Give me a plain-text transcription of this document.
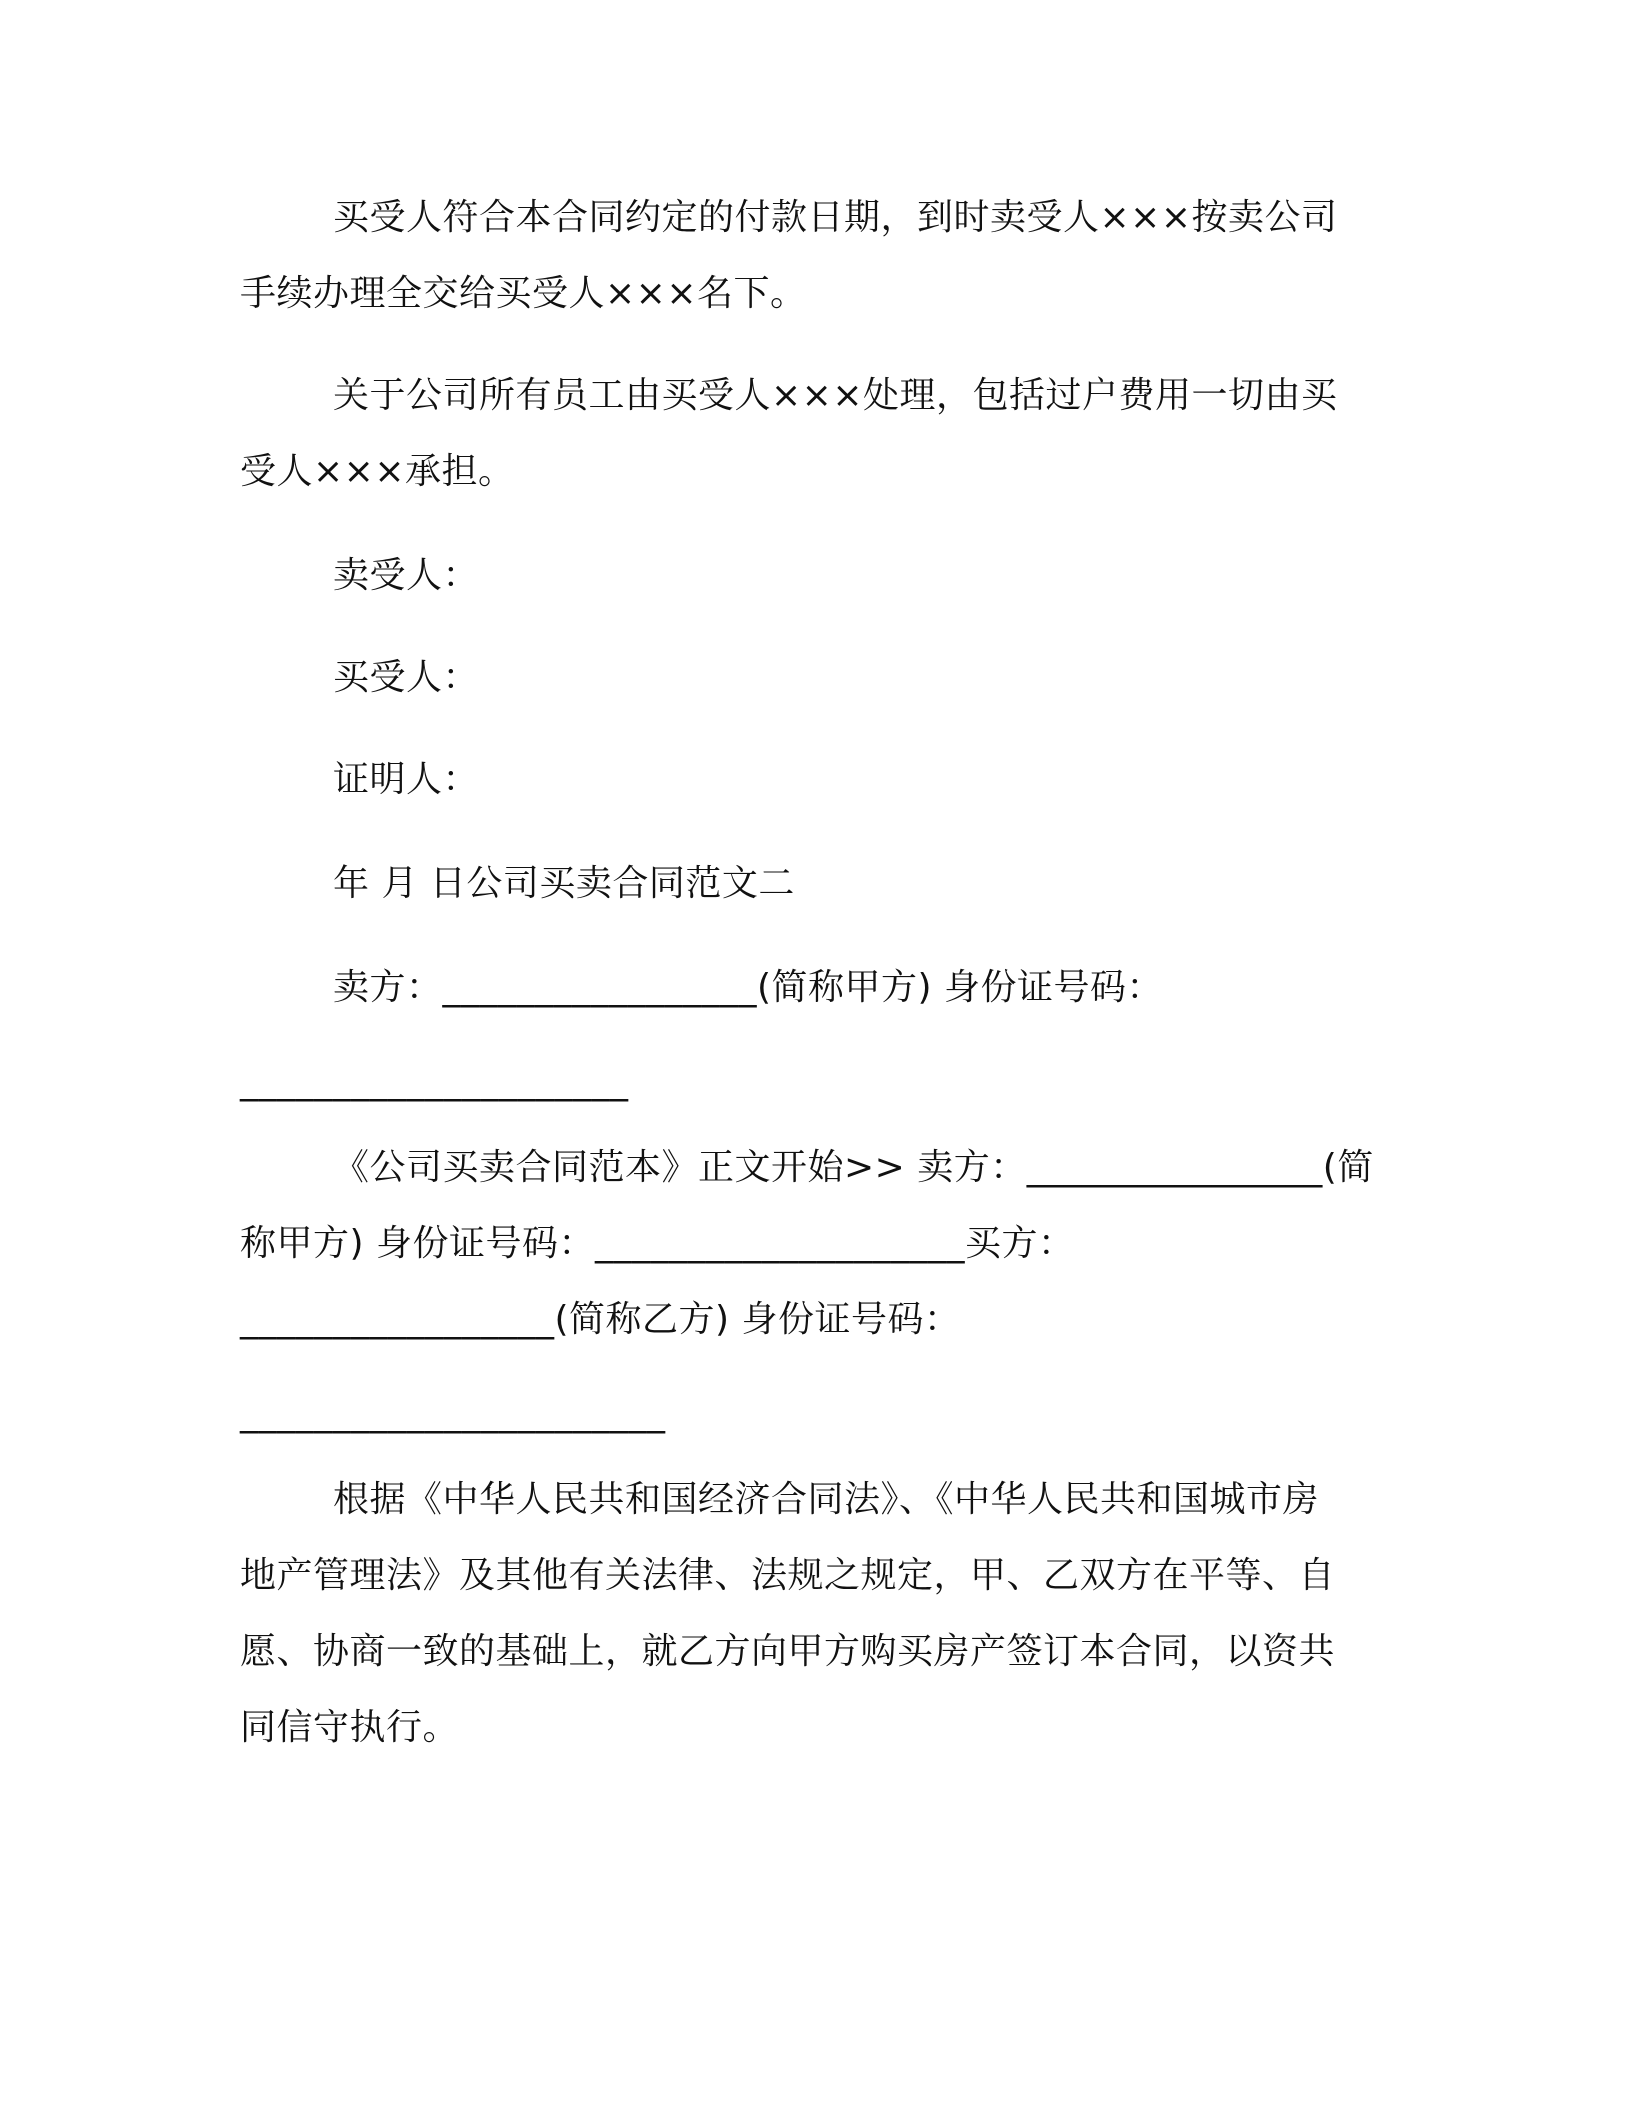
买受人符合本合同约定的付款日期，到时卖受人×××按卖公司
手续办理全交给买受人×××名下。
关于公司所有员工由买受人×××处理，包括过户费用一切由买
受人×××承担。
卖受人：
买受人：
证明人：
年 月 日公司买卖合同范文二
卖方：_________________(简称甲方) 身份证号码：
_____________________
《公司买卖合同范本》正文开始>> 卖方：________________(简
称甲方) 身份证号码：____________________买方：
_________________(简称乙方) 身份证号码：
_______________________
根据《中华人民共和国经济合同法》、《中华人民共和国城市房
地产管理法》及其他有关法律、法规之规定，甲、乙双方在平等、自
愿、协商一致的基础上，就乙方向甲方购买房产签订本合同，以资共
同信守执行。
